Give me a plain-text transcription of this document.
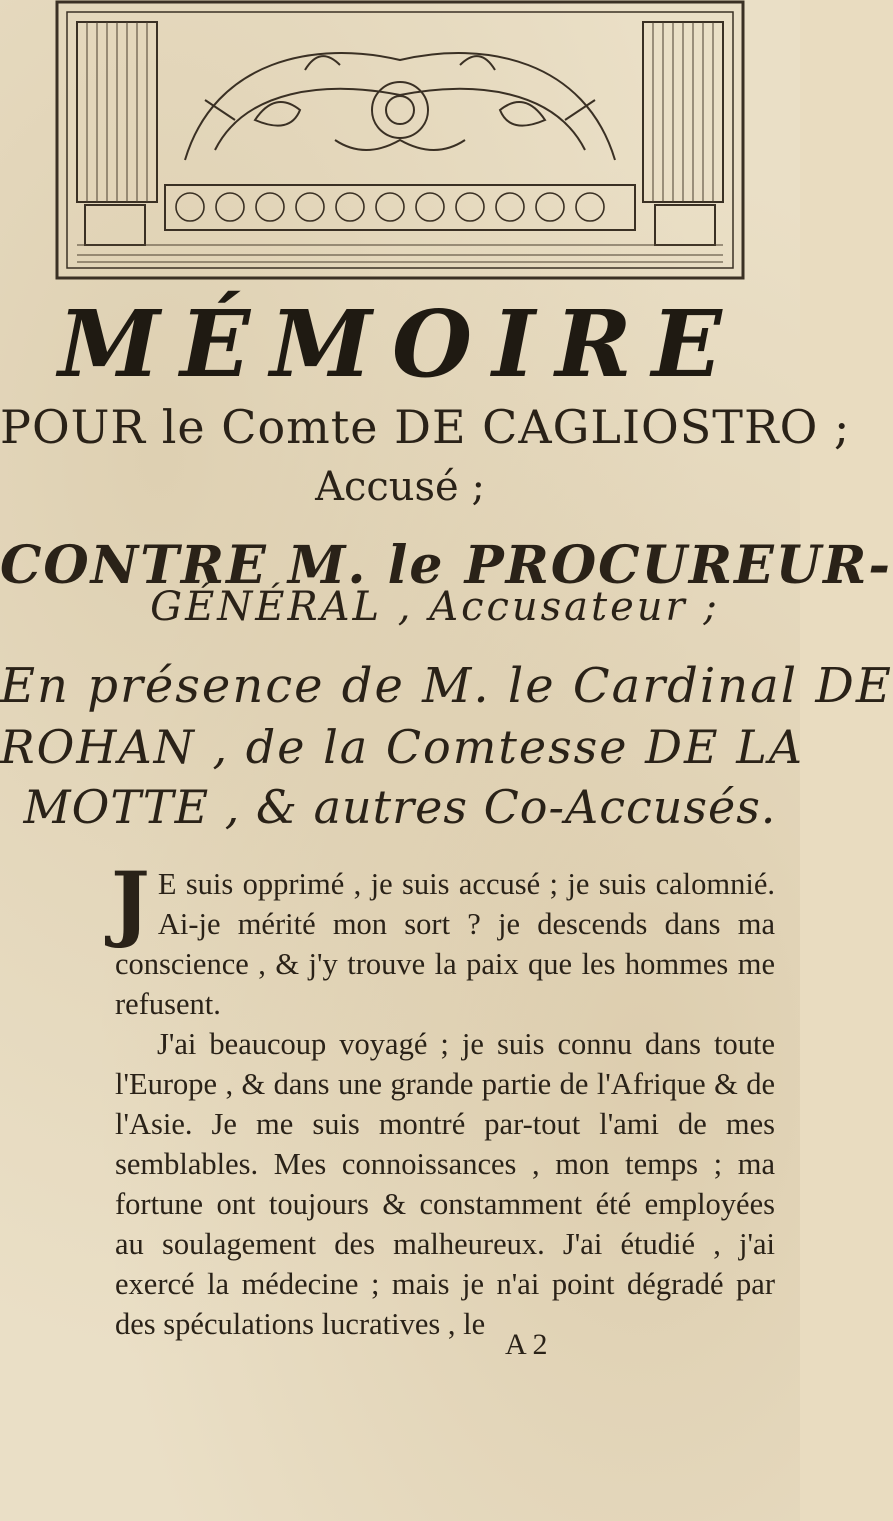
MÉMOIRE
POUR le Comte DE CAGLIOSTRO ;
Accusé ;
CONTRE M. le PROCUREUR-
GÉNÉRAL , Accusateur ;
En présence de M. le Cardinal DE
ROHAN , de la Comtesse DE LA
MOTTE , & autres Co-Accusés.

J E suis opprimé , je suis accusé ; je suis calomnié. Ai-je mérité mon sort ? je descends dans ma conscience , & j'y trouve la paix que les hommes me refusent.

J'ai beaucoup voyagé ; je suis connu dans toute l'Europe , & dans une grande partie de l'Afrique & de l'Asie. Je me suis montré par-tout l'ami de mes semblables. Mes connoissances , mon temps ; ma fortune ont toujours & constamment été employées au soulagement des malheureux. J'ai étudié , j'ai exercé la médecine ; mais je n'ai point dégradé par des spéculations lucratives , le

A 2
